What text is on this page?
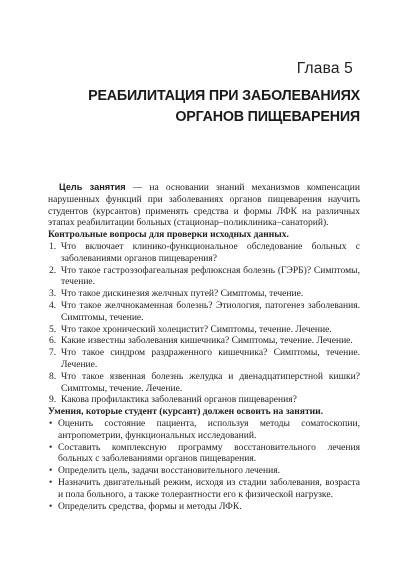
Глава 5
РЕАБИЛИТАЦИЯ ПРИ ЗАБОЛЕВАНИЯХ
ОРГАНОВ ПИЩЕВАРЕНИЯ

Цель занятия — на основании знаний механизмов компенсации нарушенных функций при заболеваниях органов пищеварения научить студентов (курсантов) применять средства и формы ЛФК на различных этапах реабилитации больных (стационар–поликлиника–санаторий).

Контрольные вопросы для проверки исходных данных.

1. Что включает клинико-функциональное обследование больных с заболеваниями органов пищеварения?
2. Что такое гастроэзофагеальная рефлюксная болезнь (ГЭРБ)? Симптомы, течение.
3. Что такое дискинезия желчных путей? Симптомы, течение.
4. Что такое желчнокаменная болезнь? Этиология, патогенез заболевания. Симптомы, течение.
5. Что такое хронический холецистит? Симптомы, течение. Лечение.
6. Какие известны заболевания кишечника? Симптомы, течение. Лечение.
7. Что такое синдром раздраженного кишечника? Симптомы, течение. Лечение.
8. Что такое язвенная болезнь желудка и двенадцатиперстной кишки? Симптомы, течение. Лечение.
9. Какова профилактика заболеваний органов пищеварения?

Умения, которые студент (курсант) должен освоить на занятии.

• Оценить состояние пациента, используя методы соматоскопии, антропометрии, функциональных исследований.
• Составить комплексную программу восстановительного лечения больных с заболеваниями органов пищеварения.
• Определить цель, задачи восстановительного лечения.
• Назначить двигательный режим, исходя из стадии заболевания, возраста и пола больного, а также толерантности его к физической нагрузке.
• Определить средства, формы и методы ЛФК.
